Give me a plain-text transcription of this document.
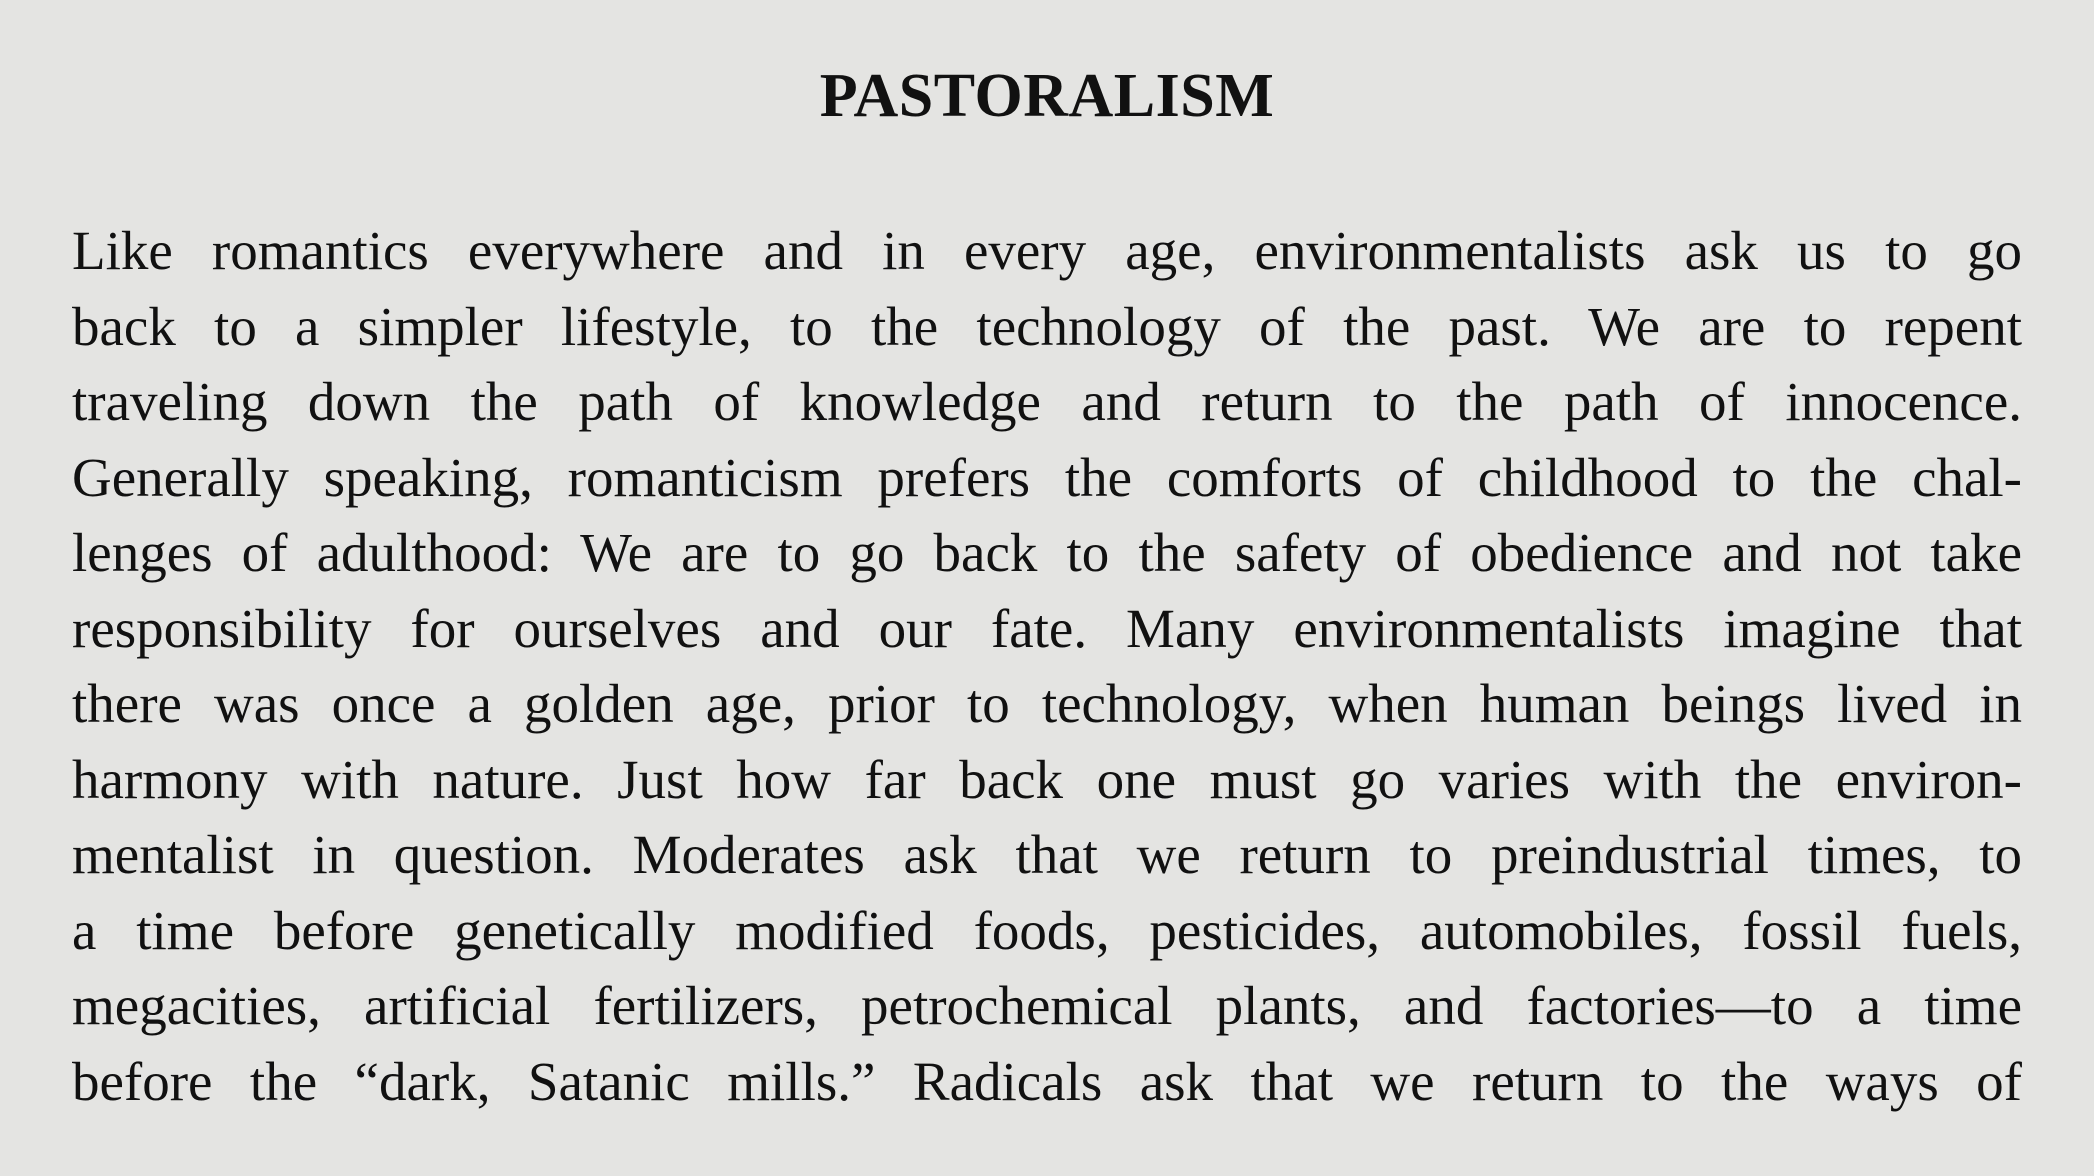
PASTORALISM
Like romantics everywhere and in every age, environmentalists ask us to go
back to a simpler lifestyle, to the technology of the past. We are to repent
traveling down the path of knowledge and return to the path of innocence.
Generally speaking, romanticism prefers the comforts of childhood to the chal-
lenges of adulthood: We are to go back to the safety of obedience and not take
responsibility for ourselves and our fate. Many environmentalists imagine that
there was once a golden age, prior to technology, when human beings lived in
harmony with nature. Just how far back one must go varies with the environ-
mentalist in question. Moderates ask that we return to preindustrial times, to
a time before genetically modified foods, pesticides, automobiles, fossil fuels,
megacities, artificial fertilizers, petrochemical plants, and factories—to a time
before the “dark, Satanic mills.” Radicals ask that we return to the ways of
